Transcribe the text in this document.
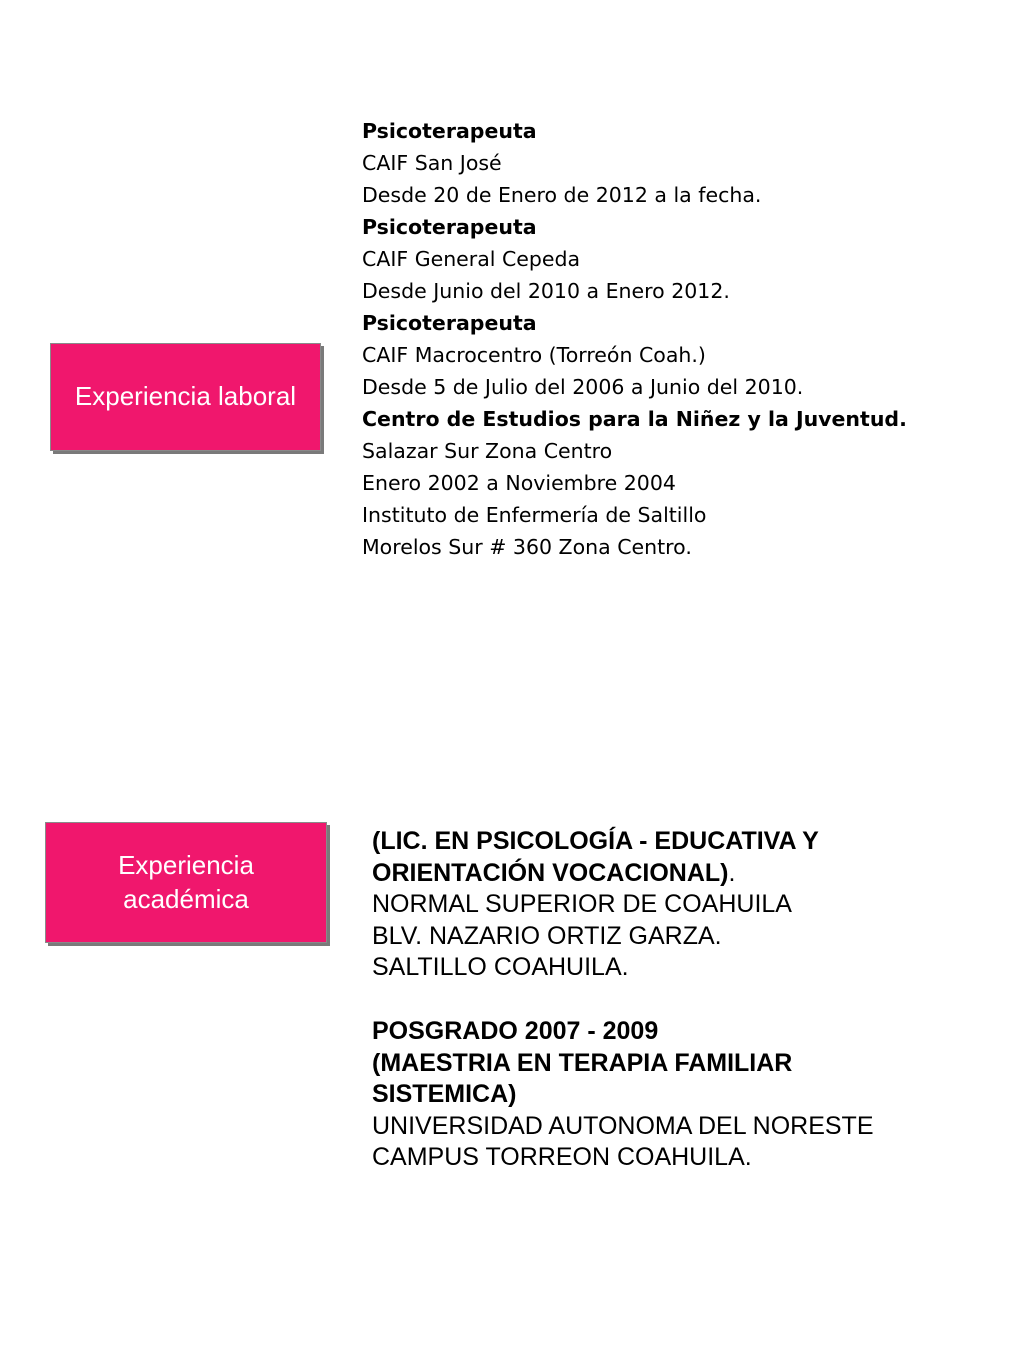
Experiencia laboral
Psicoterapeuta
CAIF San José
Desde 20 de Enero de 2012 a la fecha.
Psicoterapeuta
CAIF General Cepeda
Desde Junio del 2010 a Enero 2012.
Psicoterapeuta
CAIF Macrocentro (Torreón Coah.)
Desde 5 de Julio del 2006 a Junio del 2010.
Centro de Estudios para la Niñez y la Juventud.
Salazar Sur Zona Centro
Enero 2002 a Noviembre 2004
Instituto de Enfermería de Saltillo
Morelos Sur # 360 Zona Centro.
Experiencia
académica
(LIC. EN PSICOLOGÍA - EDUCATIVA Y
ORIENTACIÓN VOCACIONAL).
NORMAL SUPERIOR DE COAHUILA
BLV. NAZARIO ORTIZ GARZA.
SALTILLO COAHUILA.
POSGRADO 2007 - 2009
(MAESTRIA EN TERAPIA FAMILIAR
SISTEMICA)
UNIVERSIDAD AUTONOMA DEL NORESTE
CAMPUS TORREON COAHUILA.
